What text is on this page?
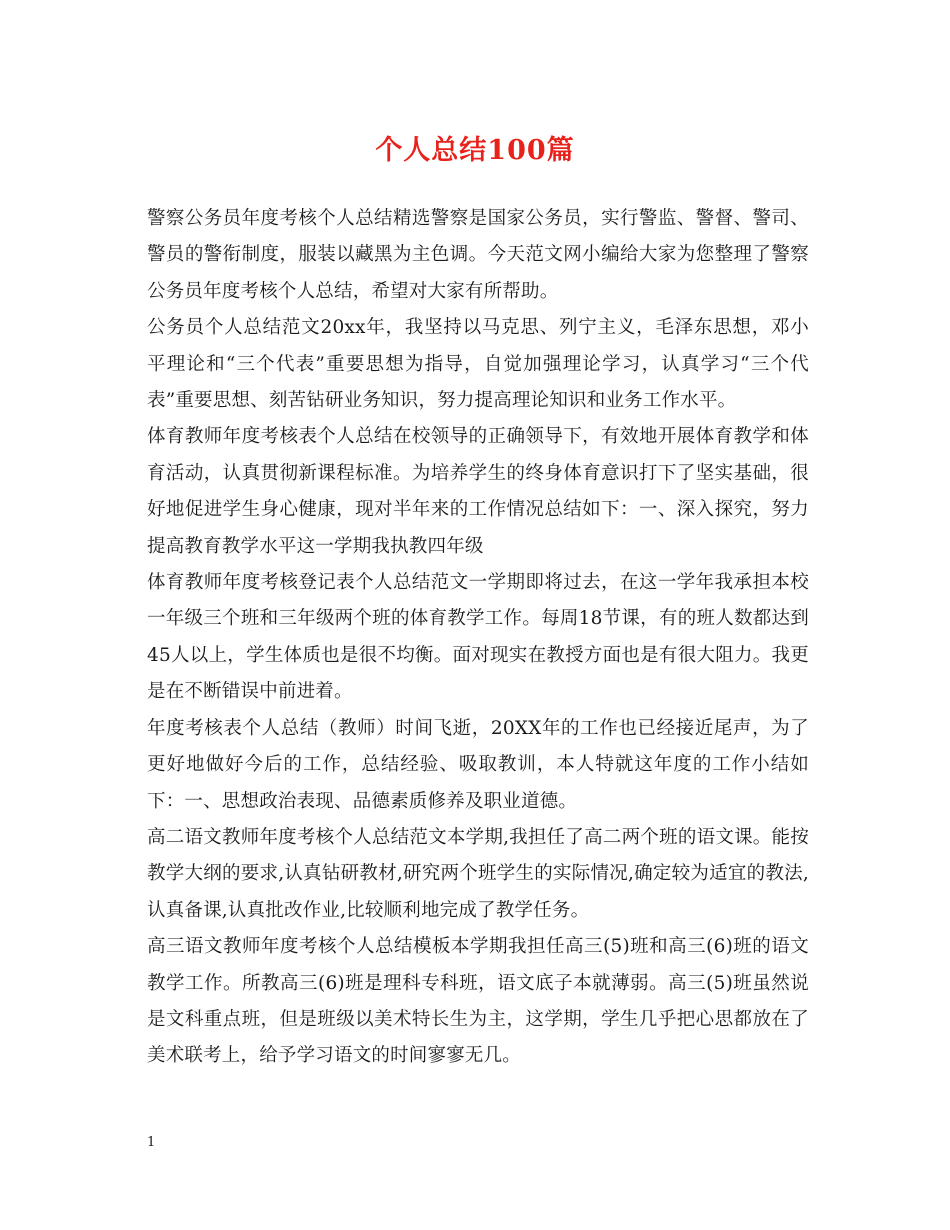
个人总结100篇

警察公务员年度考核个人总结精选警察是国家公务员，实行警监、警督、警司、警员的警衔制度，服装以藏黑为主色调。今天范文网小编给大家为您整理了警察公务员年度考核个人总结，希望对大家有所帮助。

公务员个人总结范文20xx年，我坚持以马克思、列宁主义，毛泽东思想，邓小平理论和“三个代表”重要思想为指导，自觉加强理论学习，认真学习“三个代表”重要思想、刻苦钻研业务知识，努力提高理论知识和业务工作水平。

体育教师年度考核表个人总结在校领导的正确领导下，有效地开展体育教学和体育活动，认真贯彻新课程标准。为培养学生的终身体育意识打下了坚实基础，很好地促进学生身心健康，现对半年来的工作情况总结如下：一、深入探究，努力提高教育教学水平这一学期我执教四年级

体育教师年度考核登记表个人总结范文一学期即将过去，在这一学年我承担本校一年级三个班和三年级两个班的体育教学工作。每周18节课，有的班人数都达到45人以上，学生体质也是很不均衡。面对现实在教授方面也是有很大阻力。我更是在不断错误中前进着。

年度考核表个人总结（教师）时间飞逝，20XX年的工作也已经接近尾声，为了更好地做好今后的工作，总结经验、吸取教训，本人特就这年度的工作小结如下：一、思想政治表现、品德素质修养及职业道德。

高二语文教师年度考核个人总结范文本学期,我担任了高二两个班的语文课。能按教学大纲的要求,认真钻研教材,研究两个班学生的实际情况,确定较为适宜的教法,认真备课,认真批改作业,比较顺利地完成了教学任务。

高三语文教师年度考核个人总结模板本学期我担任高三(5)班和高三(6)班的语文教学工作。所教高三(6)班是理科专科班，语文底子本就薄弱。高三(5)班虽然说是文科重点班，但是班级以美术特长生为主，这学期，学生几乎把心思都放在了美术联考上，给予学习语文的时间寥寥无几。

1
